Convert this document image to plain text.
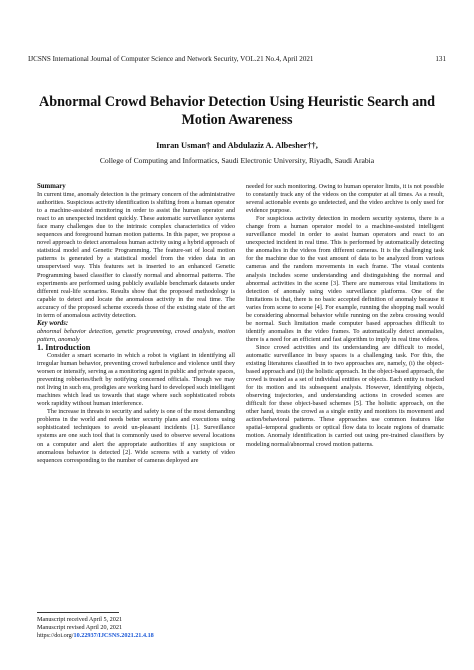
IJCSNS International Journal of Computer Science and Network Security, VOL.21 No.4, April 2021	131
Abnormal Crowd Behavior Detection Using Heuristic Search and Motion Awareness
Imran Usman† and Abdulaziz A. Albesher††,
College of Computing and Informatics, Saudi Electronic University, Riyadh, Saudi Arabia

Summary

In current time, anomaly detection is the primary concern of the administrative authorities. Suspicious activity identification is shifting from a human operator to a machine-assisted monitoring in order to assist the human operator and react to an unexpected incident quickly. These automatic surveillance systems face many challenges due to the intrinsic complex characteristics of video sequences and foreground human motion patterns. In this paper, we propose a novel approach to detect anomalous human activity using a hybrid approach of statistical model and Genetic Programming. The feature-set of local motion patterns is generated by a statistical model from the video data in an unsupervised way. This features set is inserted to an enhanced Genetic Programming based classifier to classify normal and abnormal patterns. The experiments are performed using publicly available benchmark datasets under different real-life scenarios. Results show that the proposed methodology is capable to detect and locate the anomalous activity in the real time. The accuracy of the proposed scheme exceeds those of the existing state of the art in term of anomalous activity detection.

Key words:

abnormal behavior detection, genetic programming, crowd analysis, motion pattern, anomaly

1. Introduction

Consider a smart scenario in which a robot is vigilant in identifying all irregular human behavior, preventing crowd turbulence and violence until they worsen or intensify, serving as a monitoring agent in public and private spaces, preventing robberies/theft by notifying concerned officials. Though we may not living in such era, prodigies are working hard to developed such intelligent machines which lead us towards that stage where such sophisticated robots work rapidity without human interference.

The increase in threats to security and safety is one of the most demanding problems in the world and needs better security plans and executions using sophisticated techniques to avoid un-pleasant incidents [1]. Surveillance systems are one such tool that is commonly used to observe several locations on a computer and alert the appropriate authorities if any suspicious or anomalous behavior is detected [2]. Wide screens with a variety of video sequences corresponding to the number of cameras deployed are

needed for such monitoring. Owing to human operator limits, it is not possible to constantly track any of the videos on the computer at all times. As a result, several actionable events go undetected, and the video archive is only used for evidence purpose.

For suspicious activity detection in modern security systems, there is a change from a human operator model to a machine-assisted intelligent surveillance model in order to assist human operators and react to an unexpected incident in real time. This is performed by automatically detecting the anomalies in the videos from different cameras. It is the challenging task for the machine due to the vast amount of data to be analyzed from various cameras and the random movements in each frame. The visual contents analysis includes scene understanding and distinguishing the normal and abnormal activities in the scene [3]. There are numerous vital limitations in detection of anomaly using video surveillance platforms. One of the limitations is that, there is no basic accepted definition of anomaly because it varies from scene to scene [4]. For example, running the shopping mall would be considering abnormal behavior while running on the zebra crossing would be normal. Such limitation made computer based approaches difficult to identify anomalies in the video frames. To automatically detect anomalies, there is a need for an efficient and fast algorithm to imply in real time videos.

Since crowd activities and its understanding are difficult to model, automatic surveillance in busy spaces is a challenging task. For this, the existing literatures classified in to two approaches are, namely, (i) the object-based approach and (ii) the holistic approach. In the object-based approach, the crowd is treated as a set of individual entities or objects. Each entity is tracked for its motion and its subsequent analysis. However, identifying objects, observing trajectories, and understanding actions in crowded scenes are difficult for these object-based schemes [5]. The holistic approach, on the other hand, treats the crowd as a single entity and monitors its movement and action/behavioral patterns. These approaches use common features like spatial–temporal gradients or optical flow data to locate regions of dramatic motion. Anomaly identification is carried out using pre-trained classifiers by modeling normal/abnormal crowd motion patterns.

Manuscript received April 5, 2021
Manuscript revised April 20, 2021
https://doi.org/10.22937/IJCSNS.2021.21.4.18
